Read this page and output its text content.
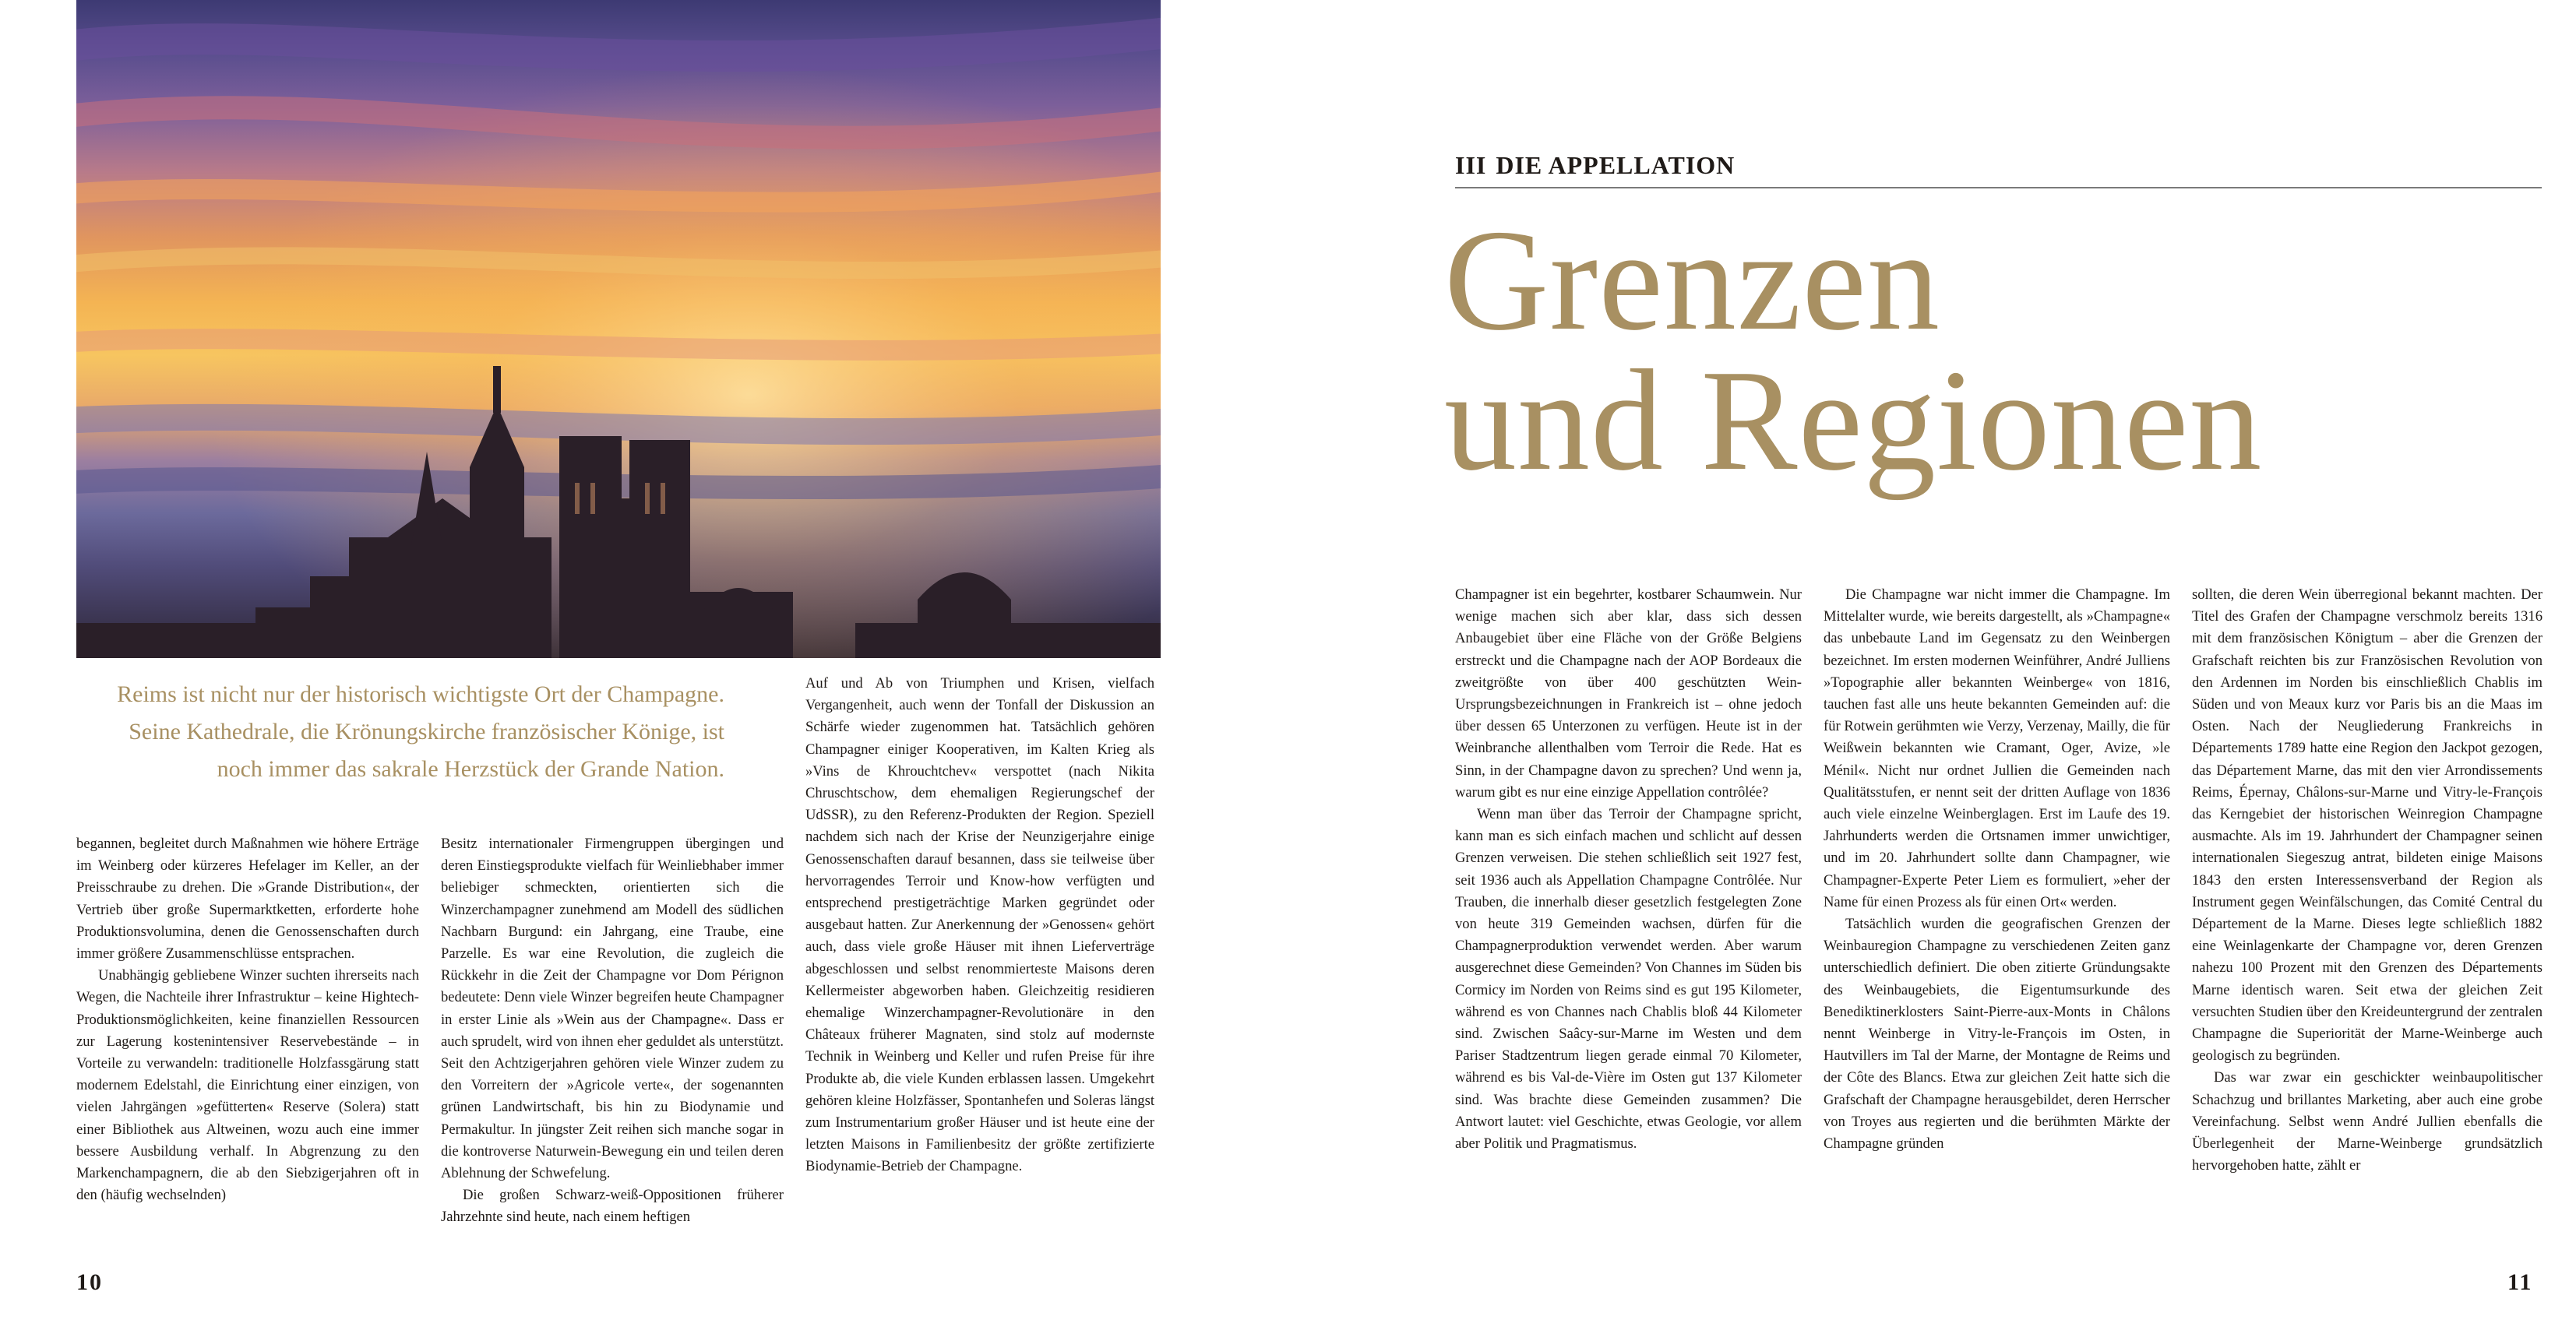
Reims ist nicht nur der historisch wichtigste Ort der Champagne. Seine Kathedrale, die Krönungskirche französischer Könige, ist noch immer das sakrale Herzstück der Grande Nation.

begannen, begleitet durch Maßnahmen wie höhere Erträge im Weinberg oder kürzeres Hefelager im Keller, an der Preisschraube zu drehen. Die »Grande Distribution«, der Vertrieb über große Supermarktketten, erforderte hohe Produktionsvolumina, denen die Genossenschaften durch immer größere Zusammenschlüsse entsprachen.

Unabhängig gebliebene Winzer suchten ihrerseits nach Wegen, die Nachteile ihrer Infrastruktur – keine Hightech-Produktionsmöglichkeiten, keine finanziellen Ressourcen zur Lagerung kostenintensiver Reservebestände – in Vorteile zu verwandeln: traditionelle Holzfassgärung statt modernem Edelstahl, die Einrichtung einer einzigen, von vielen Jahrgängen »gefütterten« Reserve (Solera) statt einer Bibliothek aus Altweinen, wozu auch eine immer bessere Ausbildung verhalf. In Abgrenzung zu den Markenchampagnern, die ab den Siebzigerjahren oft in den (häufig wechselnden)

Besitz internationaler Firmengruppen übergingen und deren Einstiegsprodukte vielfach für Weinliebhaber immer beliebiger schmeckten, orientierten sich die Winzerchampagner zunehmend am Modell des südlichen Nachbarn Burgund: ein Jahrgang, eine Traube, eine Parzelle. Es war eine Revolution, die zugleich die Rückkehr in die Zeit der Champagne vor Dom Pérignon bedeutete: Denn viele Winzer begreifen heute Champagner in erster Linie als »Wein aus der Champagne«. Dass er auch sprudelt, wird von ihnen eher geduldet als unterstützt. Seit den Achtzigerjahren gehören viele Winzer zudem zu den Vorreitern der »Agricole verte«, der sogenannten grünen Landwirtschaft, bis hin zu Biodynamie und Permakultur. In jüngster Zeit reihen sich manche sogar in die kontroverse Naturwein-Bewegung ein und teilen deren Ablehnung der Schwefelung.

Die großen Schwarz-weiß-Oppositionen früherer Jahrzehnte sind heute, nach einem heftigen

Auf und Ab von Triumphen und Krisen, vielfach Vergangenheit, auch wenn der Tonfall der Diskussion an Schärfe wieder zugenommen hat. Tatsächlich gehören Champagner einiger Kooperativen, im Kalten Krieg als »Vins de Khrouchtchev« verspottet (nach Nikita Chruschtschow, dem ehemaligen Regierungschef der UdSSR), zu den Referenz-Produkten der Region. Speziell nachdem sich nach der Krise der Neunzigerjahre einige Genossenschaften darauf besannen, dass sie teilweise über hervorragendes Terroir und Know-how verfügten und entsprechend prestigeträchtige Marken gegründet oder ausgebaut hatten. Zur Anerkennung der »Genossen« gehört auch, dass viele große Häuser mit ihnen Lieferverträge abgeschlossen und selbst renommierteste Maisons deren Kellermeister abgeworben haben. Gleichzeitig residieren ehemalige Winzerchampagner-Revolutionäre in den Châteaux früherer Magnaten, sind stolz auf modernste Technik in Weinberg und Keller und rufen Preise für ihre Produkte ab, die viele Kunden erblassen lassen. Umgekehrt gehören kleine Holzfässer, Spontanhefen und Soleras längst zum Instrumentarium großer Häuser und ist heute eine der letzten Maisons in Familienbesitz der größte zertifizierte Biodynamie-Betrieb der Champagne.

10
III DIE APPELLATION
Grenzen
und Regionen

Champagner ist ein begehrter, kostbarer Schaumwein. Nur wenige machen sich aber klar, dass sich dessen Anbaugebiet über eine Fläche von der Größe Belgiens erstreckt und die Champagne nach der AOP Bordeaux die zweitgrößte von über 400 geschützten Wein-Ursprungsbezeichnungen in Frankreich ist – ohne jedoch über dessen 65 Unterzonen zu verfügen. Heute ist in der Weinbranche allenthalben vom Terroir die Rede. Hat es Sinn, in der Champagne davon zu sprechen? Und wenn ja, warum gibt es nur eine einzige Appellation contrôlée?

Wenn man über das Terroir der Champagne spricht, kann man es sich einfach machen und schlicht auf dessen Grenzen verweisen. Die stehen schließlich seit 1927 fest, seit 1936 auch als Appellation Champagne Contrôlée. Nur Trauben, die innerhalb dieser gesetzlich festgelegten Zone von heute 319 Gemeinden wachsen, dürfen für die Champagnerproduktion verwendet werden. Aber warum ausgerechnet diese Gemeinden? Von Channes im Süden bis Cormicy im Norden von Reims sind es gut 195 Kilometer, während es von Channes nach Chablis bloß 44 Kilometer sind. Zwischen Saâcy-sur-Marne im Westen und dem Pariser Stadtzentrum liegen gerade einmal 70 Kilometer, während es bis Val-de-Vière im Osten gut 137 Kilometer sind. Was brachte diese Gemeinden zusammen? Die Antwort lautet: viel Geschichte, etwas Geologie, vor allem aber Politik und Pragmatismus.

Die Champagne war nicht immer die Champagne. Im Mittelalter wurde, wie bereits dargestellt, als »Champagne« das unbebaute Land im Gegensatz zu den Weinbergen bezeichnet. Im ersten modernen Weinführer, André Julliens »Topographie aller bekannten Weinberge« von 1816, tauchen fast alle uns heute bekannten Gemeinden auf: die für Rotwein gerühmten wie Verzy, Verzenay, Mailly, die für Weißwein bekannten wie Cramant, Oger, Avize, »le Ménil«. Nicht nur ordnet Jullien die Gemeinden nach Qualitätsstufen, er nennt seit der dritten Auflage von 1836 auch viele einzelne Weinberglagen. Erst im Laufe des 19. Jahrhunderts werden die Ortsnamen immer unwichtiger, und im 20. Jahrhundert sollte dann Champagner, wie Champagner-Experte Peter Liem es formuliert, »eher der Name für einen Prozess als für einen Ort« werden.

Tatsächlich wurden die geografischen Grenzen der Weinbauregion Champagne zu verschiedenen Zeiten ganz unterschiedlich definiert. Die oben zitierte Gründungsakte des Weinbaugebiets, die Eigentumsurkunde des Benediktinerklosters Saint-Pierre-aux-Monts in Châlons nennt Weinberge in Vitry-le-François im Osten, in Hautvillers im Tal der Marne, der Montagne de Reims und der Côte des Blancs. Etwa zur gleichen Zeit hatte sich die Grafschaft der Champagne herausgebildet, deren Herrscher von Troyes aus regierten und die berühmten Märkte der Champagne gründen

sollten, die deren Wein überregional bekannt machten. Der Titel des Grafen der Champagne verschmolz bereits 1316 mit dem französischen Königtum – aber die Grenzen der Grafschaft reichten bis zur Französischen Revolution von den Ardennen im Norden bis einschließlich Chablis im Süden und von Meaux kurz vor Paris bis an die Maas im Osten. Nach der Neugliederung Frankreichs in Départements 1789 hatte eine Region den Jackpot gezogen, das Département Marne, das mit den vier Arrondissements Reims, Épernay, Châlons-sur-Marne und Vitry-le-François das Kerngebiet der historischen Weinregion Champagne ausmachte. Als im 19. Jahrhundert der Champagner seinen internationalen Siegeszug antrat, bildeten einige Maisons 1843 den ersten Interessensverband der Region als Instrument gegen Weinfälschungen, das Comité Central du Département de la Marne. Dieses legte schließlich 1882 eine Weinlagenkarte der Champagne vor, deren Grenzen nahezu 100 Prozent mit den Grenzen des Départements Marne identisch waren. Seit etwa der gleichen Zeit versuchten Studien über den Kreideuntergrund der zentralen Champagne die Superiorität der Marne-Weinberge auch geologisch zu begründen.

Das war zwar ein geschickter weinbaupolitischer Schachzug und brillantes Marketing, aber auch eine grobe Vereinfachung. Selbst wenn André Jullien ebenfalls die Überlegenheit der Marne-Weinberge grundsätzlich hervorgehoben hatte, zählt er

11
